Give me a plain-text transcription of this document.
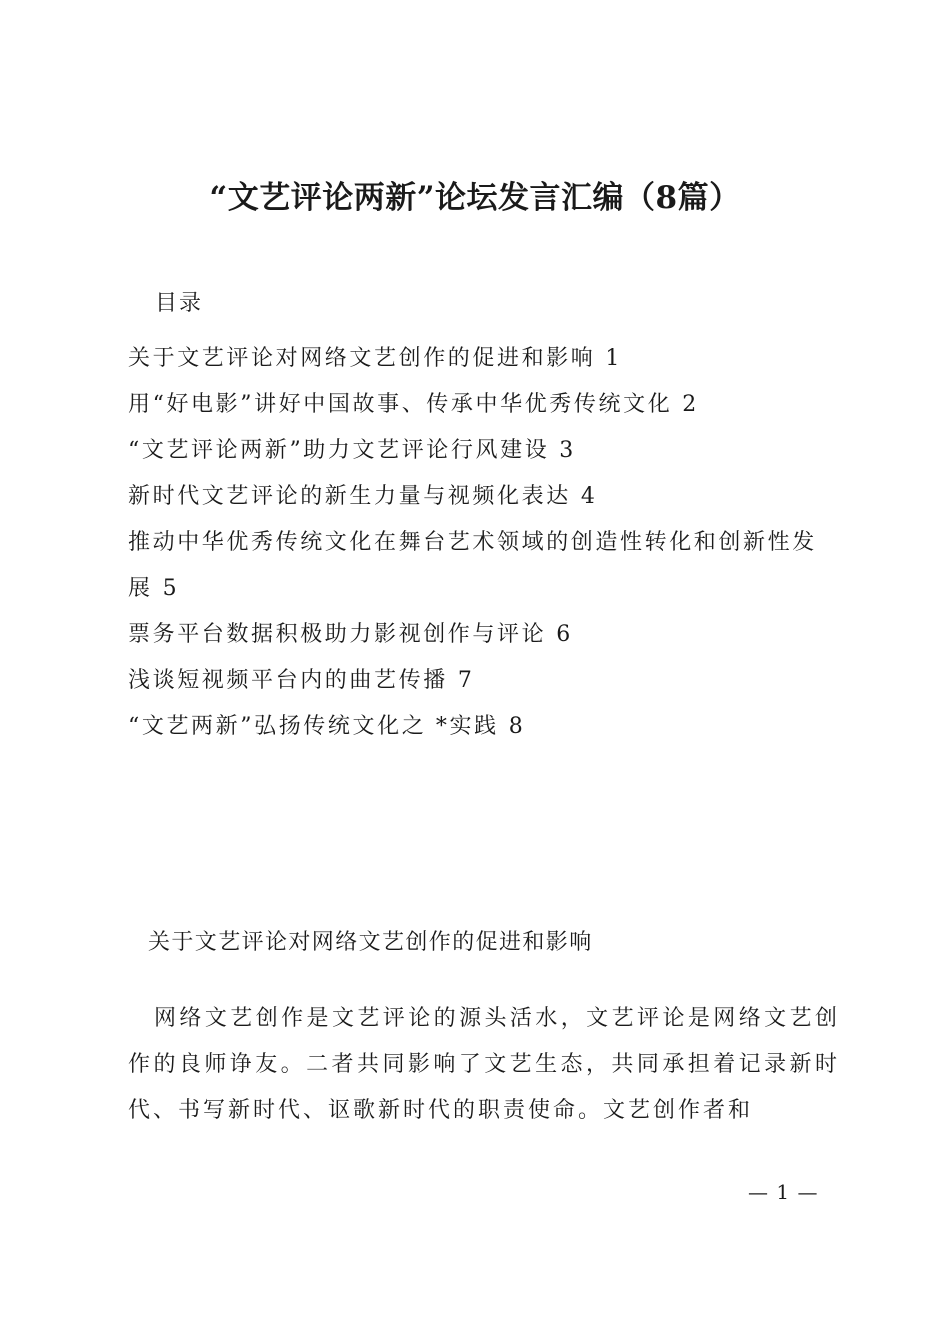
“文艺评论两新”论坛发言汇编（8篇）
目录
关于文艺评论对网络文艺创作的促进和影响 1
用“好电影”讲好中国故事、传承中华优秀传统文化 2
“文艺评论两新”助力文艺评论行风建设 3
新时代文艺评论的新生力量与视频化表达 4
推动中华优秀传统文化在舞台艺术领域的创造性转化和创新性发展 5
票务平台数据积极助力影视创作与评论 6
浅谈短视频平台内的曲艺传播 7
“文艺两新”弘扬传统文化之 *实践 8
关于文艺评论对网络文艺创作的促进和影响

网络文艺创作是文艺评论的源头活水，文艺评论是网络文艺创作的良师诤友。二者共同影响了文艺生态，共同承担着记录新时代、书写新时代、讴歌新时代的职责使命。文艺创作者和

— 1 —
